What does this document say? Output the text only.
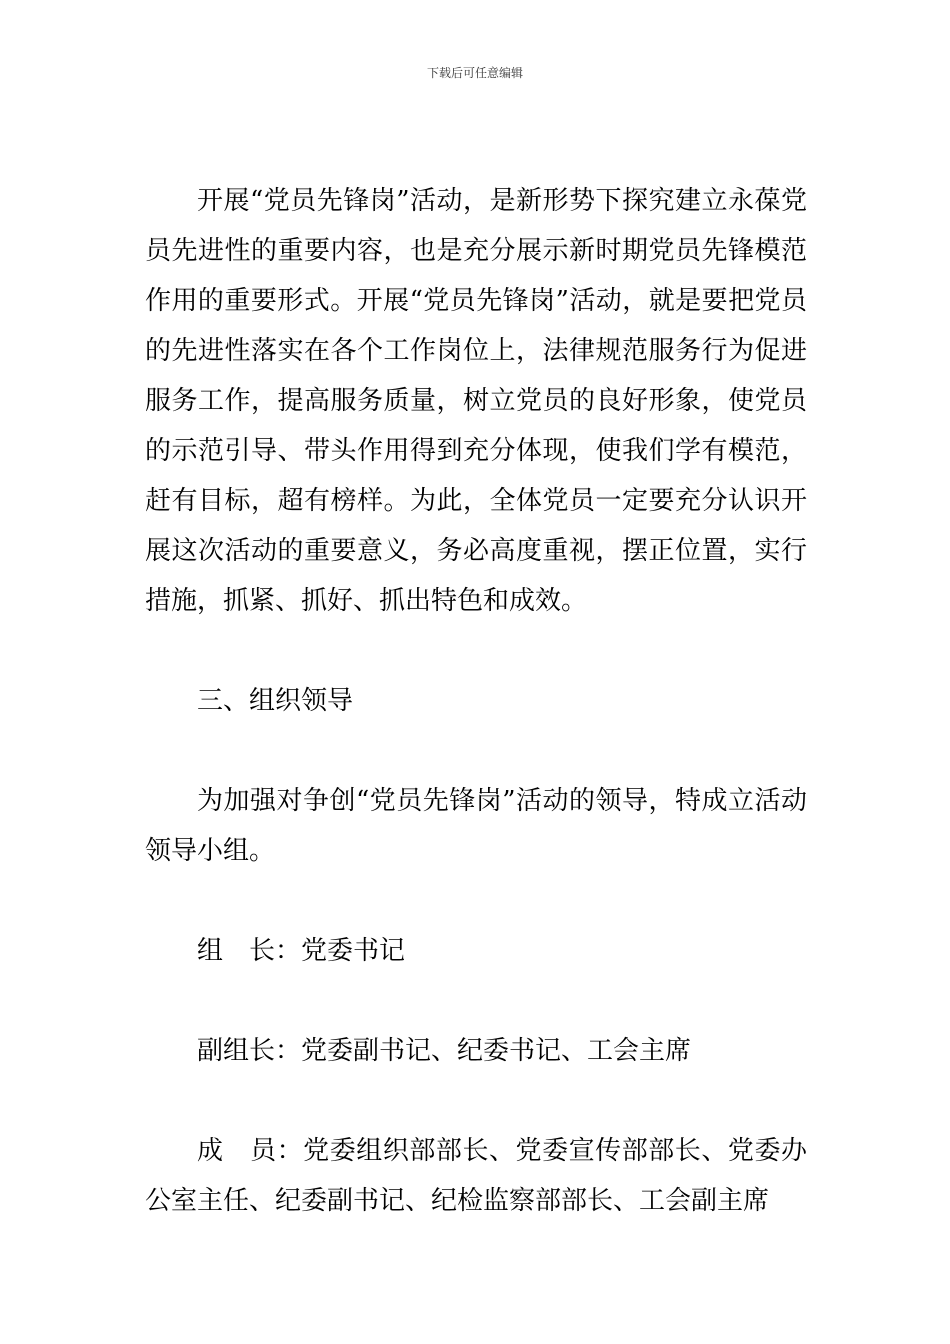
下载后可任意编辑

开展“党员先锋岗”活动，是新形势下探究建立永葆党员先进性的重要内容，也是充分展示新时期党员先锋模范作用的重要形式。开展“党员先锋岗”活动，就是要把党员的先进性落实在各个工作岗位上，法律规范服务行为促进服务工作，提高服务质量，树立党员的良好形象，使党员的示范引导、带头作用得到充分体现，使我们学有模范，赶有目标，超有榜样。为此，全体党员一定要充分认识开展这次活动的重要意义，务必高度重视，摆正位置，实行措施，抓紧、抓好、抓出特色和成效。

三、组织领导

为加强对争创“党员先锋岗”活动的领导，特成立活动领导小组。

组　长：党委书记

副组长：党委副书记、纪委书记、工会主席

成　员：党委组织部部长、党委宣传部部长、党委办公室主任、纪委副书记、纪检监察部部长、工会副主席
